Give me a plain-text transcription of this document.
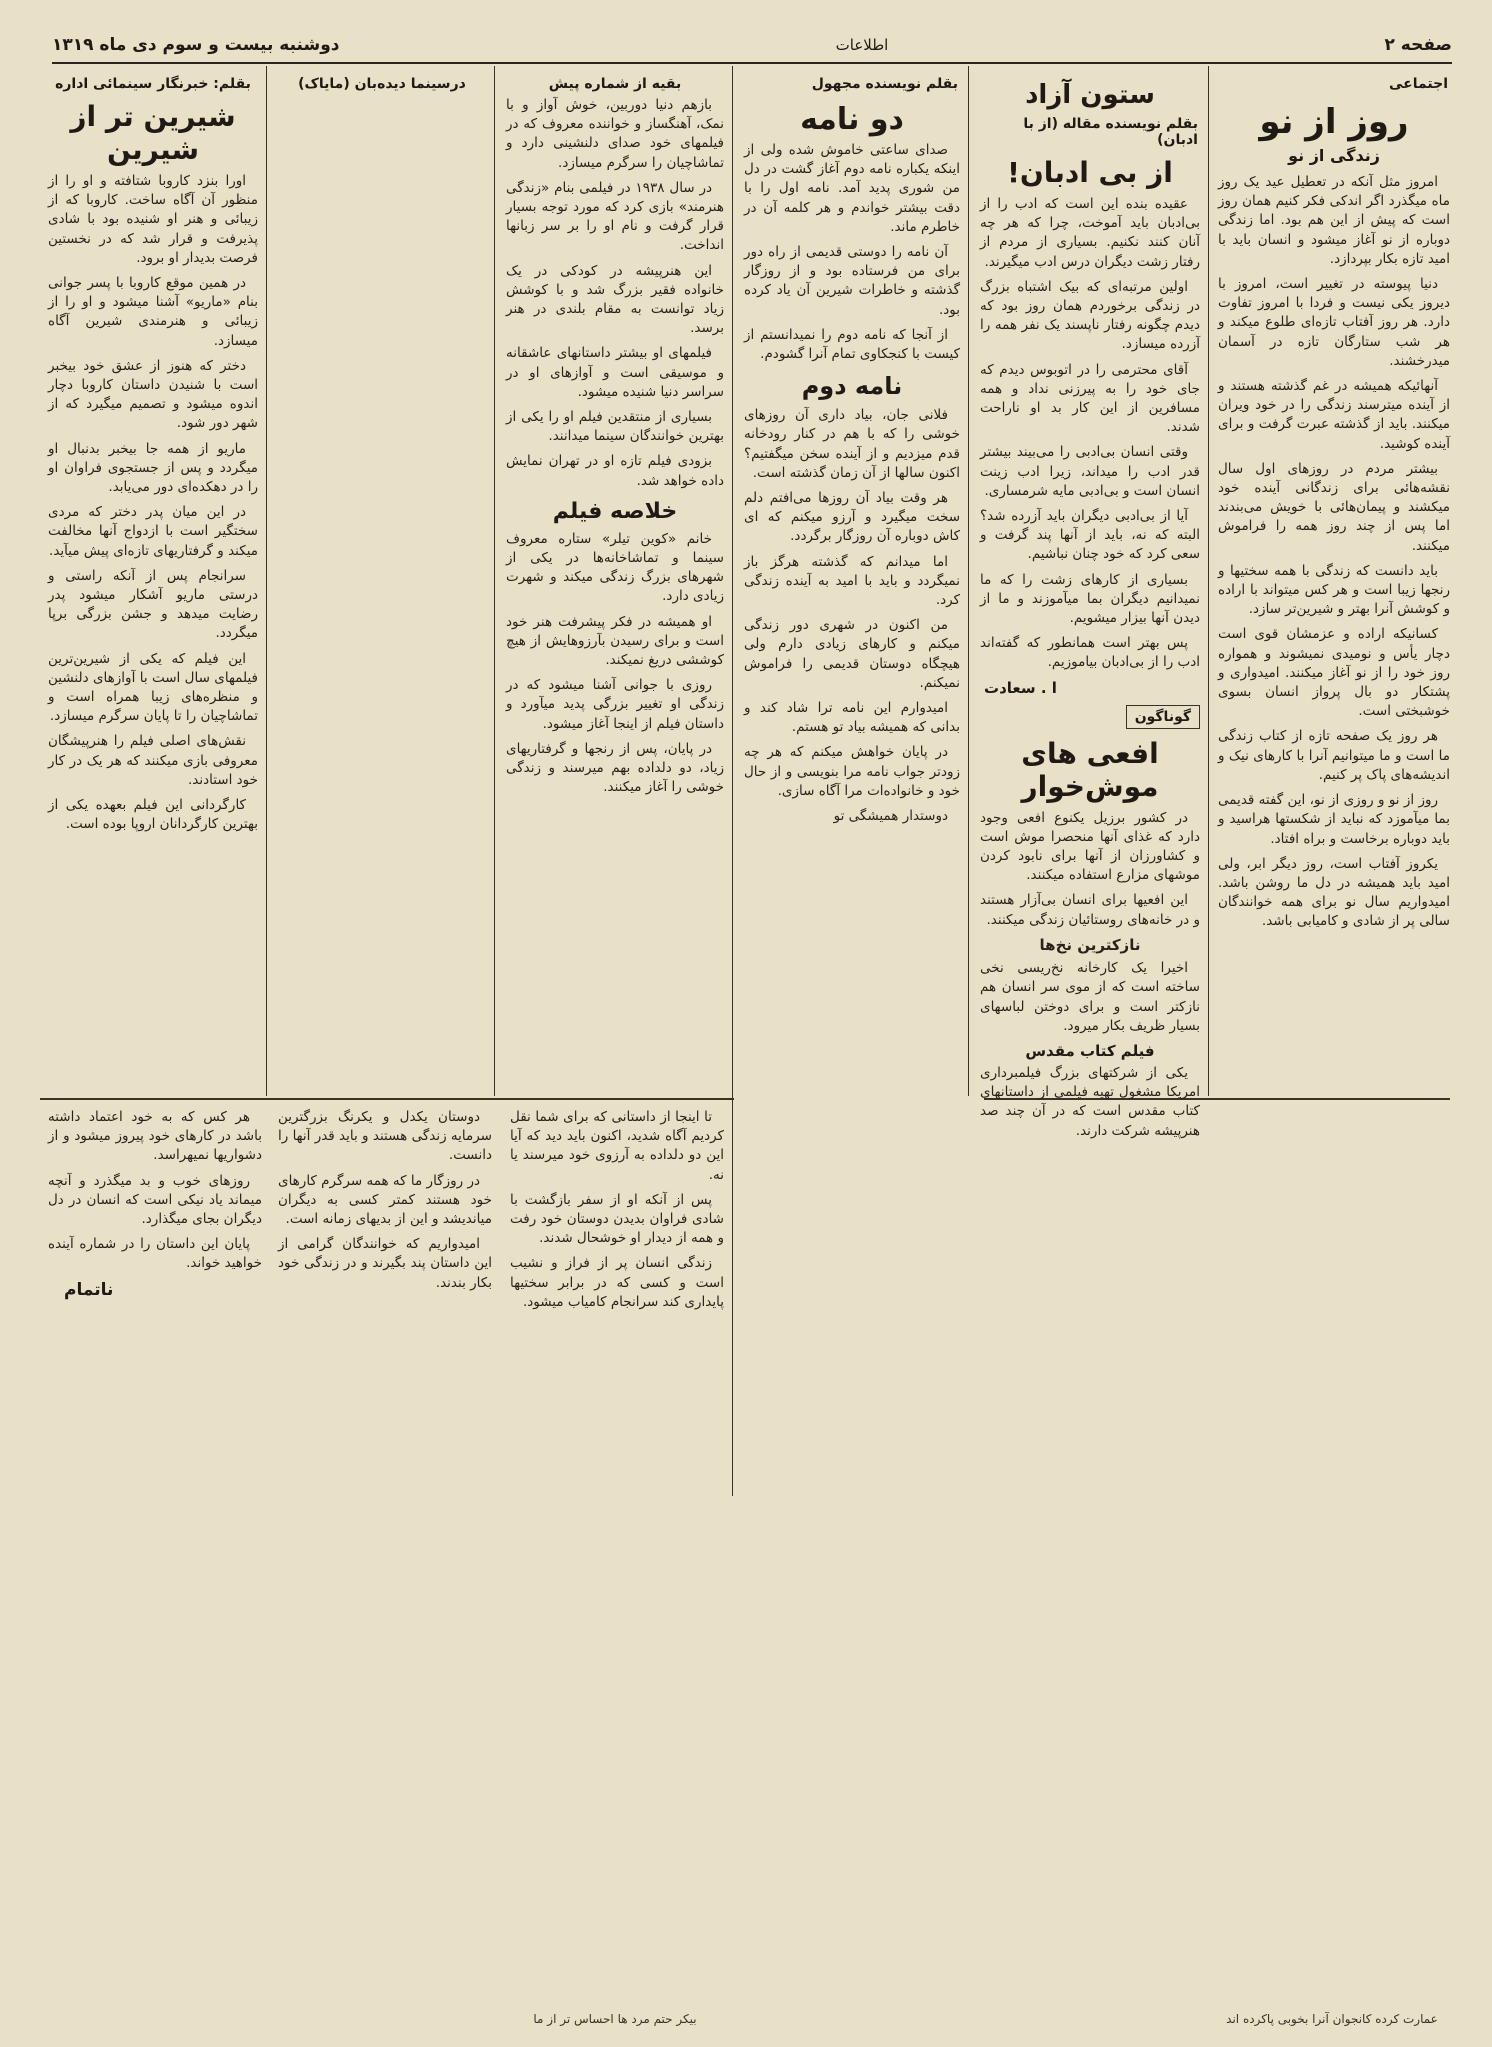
صفحه ۲
اطلاعات
دوشنبه بیست و سوم دی ماه ۱۳۱۹
اجتماعی
روز از نو
زندگی از نو

امروز مثل آنکه در تعطیل عید یک روز ماه میگذرد اگر اندکی فکر کنیم همان روز است که پیش از این هم بود. اما زندگی دوباره از نو آغاز میشود و انسان باید با امید تازه بکار بپردازد.

دنیا پیوسته در تغییر است، امروز با دیروز یکی نیست و فردا با امروز تفاوت دارد. هر روز آفتاب تازه‌ای طلوع میکند و هر شب ستارگان تازه در آسمان میدرخشند.

آنهائیکه همیشه در غم گذشته هستند و از آینده میترسند زندگی را در خود ویران میکنند. باید از گذشته عبرت گرفت و برای آینده کوشید.

بیشتر مردم در روزهای اول سال نقشه‌هائی برای زندگانی آینده خود میکشند و پیمان‌هائی با خویش می‌بندند اما پس از چند روز همه را فراموش میکنند.

باید دانست که زندگی با همه سختیها و رنجها زیبا است و هر کس میتواند با اراده و کوشش آنرا بهتر و شیرین‌تر سازد.

کسانیکه اراده و عزمشان قوی است دچار یأس و نومیدی نمیشوند و همواره روز خود را از نو آغاز میکنند. امیدواری و پشتکار دو بال پرواز انسان بسوی خوشبختی است.

هر روز یک صفحه تازه از کتاب زندگی ما است و ما میتوانیم آنرا با کارهای نیک و اندیشه‌های پاک پر کنیم.

روز از نو و روزی از نو، این گفته قدیمی بما میآموزد که نباید از شکستها هراسید و باید دوباره برخاست و براه افتاد.

یکروز آفتاب است، روز دیگر ابر، ولی امید باید همیشه در دل ما روشن باشد. امیدواریم سال نو برای همه خوانندگان سالی پر از شادی و کامیابی باشد.

ستون آزاد
بقلم نویسنده مقاله (از با ادبان)
از بی ادبان!

عقیده بنده این است که ادب را از بی‌ادبان باید آموخت، چرا که هر چه آنان کنند نکنیم. بسیاری از مردم از رفتار زشت دیگران درس ادب میگیرند.

اولین مرتبه‌ای که بیک اشتباه بزرگ در زندگی برخوردم همان روز بود که دیدم چگونه رفتار ناپسند یک نفر همه را آزرده میسازد.

آقای محترمی را در اتوبوس دیدم که جای خود را به پیرزنی نداد و همه مسافرین از این کار بد او ناراحت شدند.

وقتی انسان بی‌ادبی را می‌بیند بیشتر قدر ادب را میداند، زیرا ادب زینت انسان است و بی‌ادبی مایه شرمساری.

آیا از بی‌ادبی دیگران باید آزرده شد؟ البته که نه، باید از آنها پند گرفت و سعی کرد که خود چنان نباشیم.

بسیاری از کارهای زشت را که ما نمیدانیم دیگران بما میآموزند و ما از دیدن آنها بیزار میشویم.

پس بهتر است همانطور که گفته‌اند ادب را از بی‌ادبان بیاموزیم.

ا . سعادت
گوناگون
افعی های موش‌خوار

در کشور برزیل یکنوع افعی وجود دارد که غذای آنها منحصرا موش است و کشاورزان از آنها برای نابود کردن موشهای مزارع استفاده میکنند.

این افعیها برای انسان بی‌آزار هستند و در خانه‌های روستائیان زندگی میکنند.

نازکترین نخ‌ها

اخیرا یک کارخانه نخ‌ریسی نخی ساخته است که از موی سر انسان هم نازکتر است و برای دوختن لباسهای بسیار ظریف بکار میرود.

فیلم کتاب مقدس

یکی از شرکتهای بزرگ فیلمبرداری امریکا مشغول تهیه فیلمی از داستانهای کتاب مقدس است که در آن چند صد هنرپیشه شرکت دارند.

بقلم نویسنده مجهول
دو نامه

صدای ساعتی خاموش شده ولی از اینکه یکباره نامه دوم آغاز گشت در دل من شوری پدید آمد. نامه اول را با دقت بیشتر خواندم و هر کلمه آن در خاطرم ماند.

آن نامه را دوستی قدیمی از راه دور برای من فرستاده بود و از روزگار گذشته و خاطرات شیرین آن یاد کرده بود.

از آنجا که نامه دوم را نمیدانستم از کیست با کنجکاوی تمام آنرا گشودم.

نامه دوم

فلانی جان، بیاد داری آن روزهای خوشی را که با هم در کنار رودخانه قدم میزدیم و از آینده سخن میگفتیم؟ اکنون سالها از آن زمان گذشته است.

هر وقت بیاد آن روزها می‌افتم دلم سخت میگیرد و آرزو میکنم که ای کاش دوباره آن روزگار برگردد.

اما میدانم که گذشته هرگز باز نمیگردد و باید با امید به آینده زندگی کرد.

من اکنون در شهری دور زندگی میکنم و کارهای زیادی دارم ولی هیچگاه دوستان قدیمی را فراموش نمیکنم.

امیدوارم این نامه ترا شاد کند و بدانی که همیشه بیاد تو هستم.

در پایان خواهش میکنم که هر چه زودتر جواب نامه مرا بنویسی و از حال خود و خانواده‌ات مرا آگاه سازی.

دوستدار همیشگی تو

بقیه از شماره پیش

بازهم دنیا دوربین، خوش آواز و با نمک، آهنگساز و خواننده معروف که در فیلمهای خود صدای دلنشینی دارد و تماشاچیان را سرگرم میسازد.

در سال ۱۹۳۸ در فیلمی بنام «زندگی هنرمند» بازی کرد که مورد توجه بسیار قرار گرفت و نام او را بر سر زبانها انداخت.

این هنرپیشه در کودکی در یک خانواده فقیر بزرگ شد و با کوشش زیاد توانست به مقام بلندی در هنر برسد.

فیلمهای او بیشتر داستانهای عاشقانه و موسیقی است و آوازهای او در سراسر دنیا شنیده میشود.

بسیاری از منتقدین فیلم او را یکی از بهترین خوانندگان سینما میدانند.

بزودی فیلم تازه او در تهران نمایش داده خواهد شد.

خلاصه فیلم

خانم «کوین تیلر» ستاره معروف سینما و تماشاخانه‌ها در یکی از شهرهای بزرگ زندگی میکند و شهرت زیادی دارد.

او همیشه در فکر پیشرفت هنر خود است و برای رسیدن بآرزوهایش از هیچ کوششی دریغ نمیکند.

روزی با جوانی آشنا میشود که در زندگی او تغییر بزرگی پدید میآورد و داستان فیلم از اینجا آغاز میشود.

در پایان، پس از رنجها و گرفتاریهای زیاد، دو دلداده بهم میرسند و زندگی خوشی را آغاز میکنند.

درسینما دیده‌بان (مایاک)
بقلم: خبرنگار سینمائی اداره
شیرین تر از شیرین

اورا بنزد کاروبا شتافته و او را از منظور آن آگاه ساخت. کاروبا که از زیبائی و هنر او شنیده بود با شادی پذیرفت و قرار شد که در نخستین فرصت بدیدار او برود.

در همین موقع کاروبا با پسر جوانی بنام «ماریو» آشنا میشود و او را از زیبائی و هنرمندی شیرین آگاه میسازد.

دختر که هنوز از عشق خود بیخبر است با شنیدن داستان کاروبا دچار اندوه میشود و تصمیم میگیرد که از شهر دور شود.

ماریو از همه جا بیخبر بدنبال او میگردد و پس از جستجوی فراوان او را در دهکده‌ای دور می‌یابد.

در این میان پدر دختر که مردی سختگیر است با ازدواج آنها مخالفت میکند و گرفتاریهای تازه‌ای پیش میآید.

سرانجام پس از آنکه راستی و درستی ماریو آشکار میشود پدر رضایت میدهد و جشن بزرگی برپا میگردد.

این فیلم که یکی از شیرین‌ترین فیلمهای سال است با آوازهای دلنشین و منظره‌های زیبا همراه است و تماشاچیان را تا پایان سرگرم میسازد.

نقش‌های اصلی فیلم را هنرپیشگان معروفی بازی میکنند که هر یک در کار خود استادند.

کارگردانی این فیلم بعهده یکی از بهترین کارگردانان اروپا بوده است.

تا اینجا از داستانی که برای شما نقل کردیم آگاه شدید، اکنون باید دید که آیا این دو دلداده به آرزوی خود میرسند یا نه.

پس از آنکه او از سفر بازگشت با شادی فراوان بدیدن دوستان خود رفت و همه از دیدار او خوشحال شدند.

زندگی انسان پر از فراز و نشیب است و کسی که در برابر سختیها پایداری کند سرانجام کامیاب میشود.

دوستان یکدل و یکرنگ بزرگترین سرمایه زندگی هستند و باید قدر آنها را دانست.

در روزگار ما که همه سرگرم کارهای خود هستند کمتر کسی به دیگران میاندیشد و این از بدیهای زمانه است.

امیدواریم که خوانندگان گرامی از این داستان پند بگیرند و در زندگی خود بکار بندند.

هر کس که به خود اعتماد داشته باشد در کارهای خود پیروز میشود و از دشواریها نمیهراسد.

روزهای خوب و بد میگذرد و آنچه میماند یاد نیکی است که انسان در دل دیگران بجای میگذارد.

پایان این داستان را در شماره آینده خواهید خواند.

ناتمام
بیکر حتم مرد ها احساس تر از ما	عمارت کرده کانجوان آنرا بخوبی پاکرده اند
